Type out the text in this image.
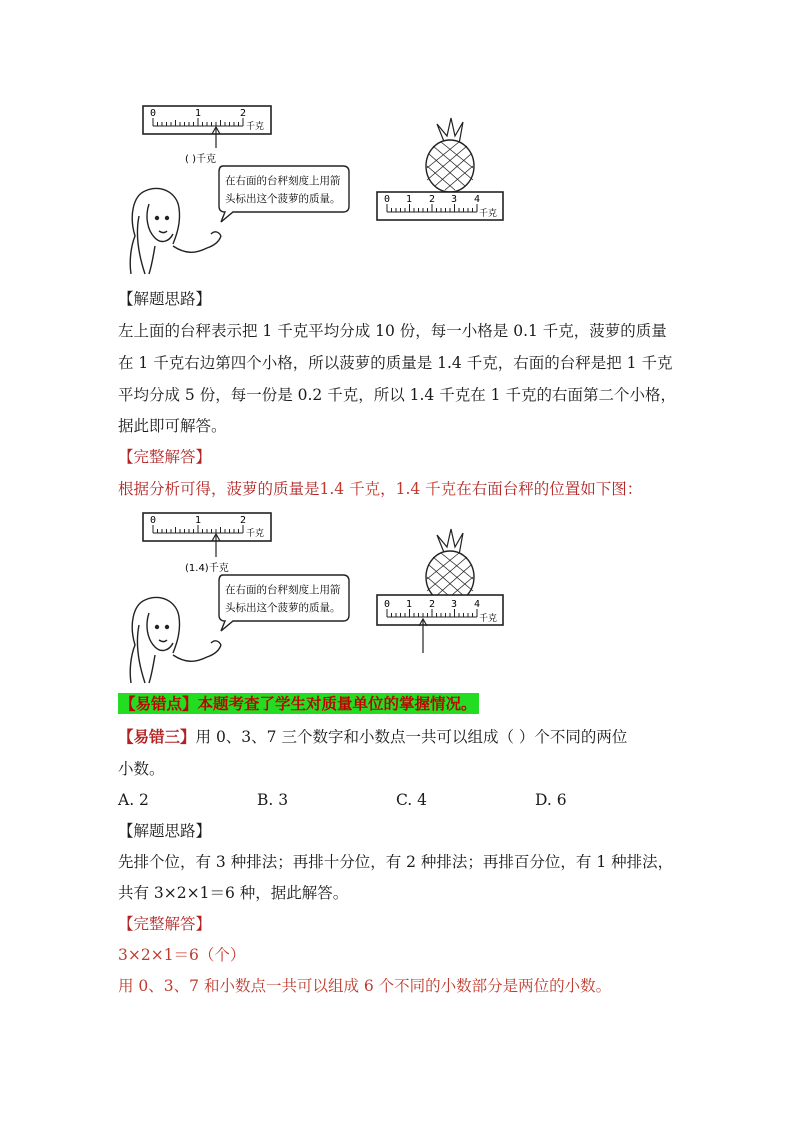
0	1	2
千克
( )千克
在右面的台秤刻度上用箭
头标出这个菠萝的质量。	0 1 2 3 4
千克
【解题思路】
左上面的台秤表示把 1 千克平均分成 10 份，每一小格是 0.1 千克，菠萝的质量
在 1 千克右边第四个小格，所以菠萝的质量是 1.4 千克，右面的台秤是把 1 千克
平均分成 5 份，每一份是 0.2 千克，所以 1.4 千克在 1 千克的右面第二个小格，
据此即可解答。
【完整解答】
根据分析可得，菠萝的质量是1.4 千克，1.4 千克在右面台秤的位置如下图：
0	1	2
千克
(1.4)千克
在右面的台秤刻度上用箭
头标出这个菠萝的质量。	0 1 2 3 4
千克
【易错点】本题考查了学生对质量单位的掌握情况。
【易错三】用 0、3、7 三个数字和小数点一共可以组成（ ）个不同的两位
小数。
A. 2	B. 3	C. 4	D. 6
【解题思路】
先排个位，有 3 种排法；再排十分位，有 2 种排法；再排百分位，有 1 种排法，
共有 3×2×1＝6 种，据此解答。
【完整解答】
3×2×1＝6（个）
用 0、3、7 和小数点一共可以组成 6 个不同的小数部分是两位的小数。
